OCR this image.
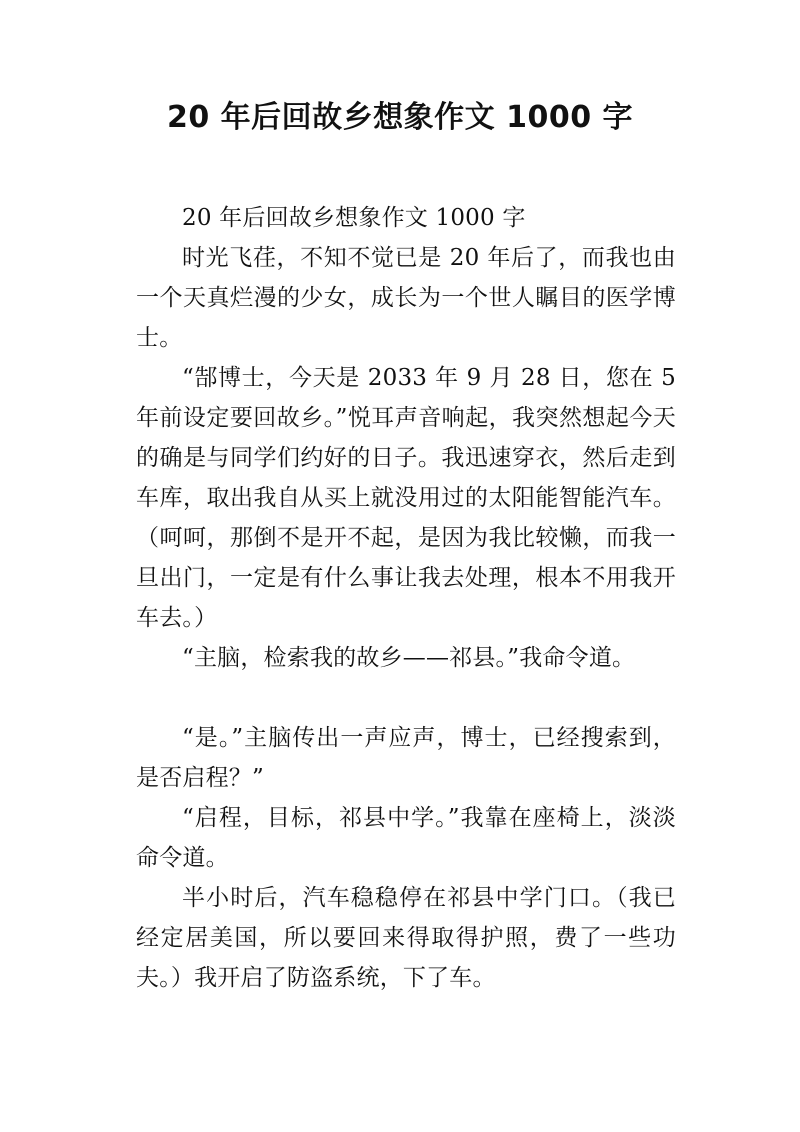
20 年后回故乡想象作文 1000 字

20 年后回故乡想象作文 1000 字

时光飞荏，不知不觉已是 20 年后了，而我也由一个天真烂漫的少女，成长为一个世人瞩目的医学博士。

“郜博士，今天是 2033 年 9 月 28 日，您在 5 年前设定要回故乡。”悦耳声音响起，我突然想起今天的确是与同学们约好的日子。我迅速穿衣，然后走到车库，取出我自从买上就没用过的太阳能智能汽车。（呵呵，那倒不是开不起，是因为我比较懒，而我一旦出门，一定是有什么事让我去处理，根本不用我开车去。）

“主脑，检索我的故乡——祁县。”我命令道。

“是。”主脑传出一声应声，博士，已经搜索到，是否启程？”

“启程，目标，祁县中学。”我靠在座椅上，淡淡命令道。

半小时后，汽车稳稳停在祁县中学门口。（我已经定居美国，所以要回来得取得护照，费了一些功夫。）我开启了防盗系统，下了车。
